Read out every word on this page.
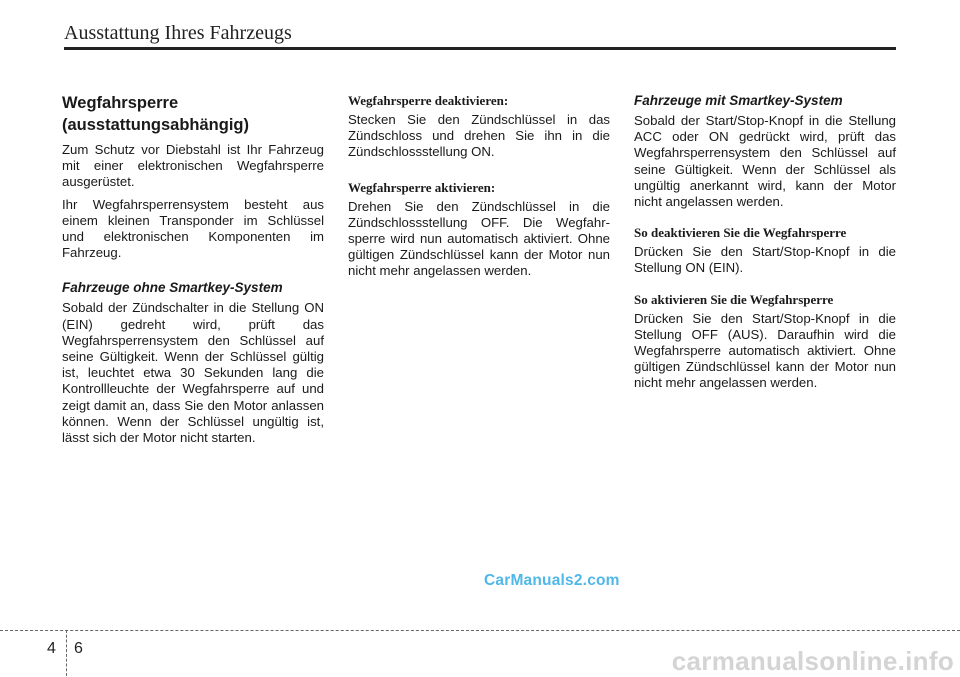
Ausstattung Ihres Fahrzeugs
Wegfahrsperre (ausstattungsabhängig)

Zum Schutz vor Diebstahl ist Ihr Fahrzeug mit einer elektronischen Wegfahrsperre ausgerüstet.

Ihr Wegfahrsperrensystem besteht aus einem kleinen Transponder im Schlüssel und elektronischen Komponenten im Fahrzeug.

Fahrzeuge ohne Smartkey-System

Sobald der Zündschalter in die Stellung ON (EIN) gedreht wird, prüft das Wegfahrsperrensystem den Schlüssel auf seine Gültigkeit. Wenn der Schlüssel gültig ist, leuchtet etwa 30 Sekunden lang die Kontrollleuchte der Wegfahrsperre auf und zeigt damit an, dass Sie den Motor anlassen können. Wenn der Schlüssel ungültig ist, lässt sich der Motor nicht starten.

Wegfahrsperre deaktivieren:

Stecken Sie den Zündschlüssel in das Zündschloss und drehen Sie ihn in die Zündschlossstellung ON.

Wegfahrsperre aktivieren:

Drehen Sie den Zündschlüssel in die Zündschlossstellung OFF. Die Wegfahrsperre wird nun automatisch aktiviert. Ohne gültigen Zündschlüssel kann der Motor nun nicht mehr angelassen werden.

Fahrzeuge mit Smartkey-System

Sobald der Start/Stop-Knopf in die Stellung ACC oder ON gedrückt wird, prüft das Wegfahrsperrensystem den Schlüssel auf seine Gültigkeit. Wenn der Schlüssel als ungültig anerkannt wird, kann der Motor nicht angelassen werden.

So deaktivieren Sie die Wegfahrsperre

Drücken Sie den Start/Stop-Knopf in die Stellung ON (EIN).

So aktivieren Sie die Wegfahrsperre

Drücken Sie den Start/Stop-Knopf in die Stellung OFF (AUS). Daraufhin wird die Wegfahrsperre automatisch aktiviert. Ohne gültigen Zündschlüssel kann der Motor nun nicht mehr angelassen werden.

CarManuals2.com
4 6	carmanualsonline.info
